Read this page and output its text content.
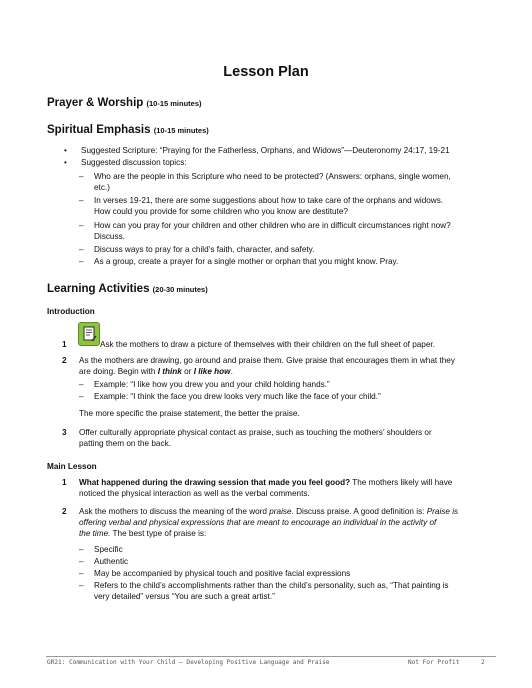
Lesson Plan
Prayer & Worship (10-15 minutes)
Spiritual Emphasis (10-15 minutes)
• Suggested Scripture: “Praying for the Fatherless, Orphans, and Widows”—Deuteronomy 24:17, 19-21
• Suggested discussion topics:
– Who are the people in this Scripture who need to be protected? (Answers: orphans, single women,
etc.)
– In verses 19-21, there are some suggestions about how to take care of the orphans and widows.
How could you provide for some children who you know are destitute?
– How can you pray for your children and other children who are in difficult circumstances right now?
Discuss.
– Discuss ways to pray for a child’s faith, character, and safety.
– As a group, create a prayer for a single mother or orphan that you might know. Pray.
Learning Activities (20-30 minutes)
Introduction
1	Ask the mothers to draw a picture of themselves with their children on the full sheet of paper.
2 As the mothers are drawing, go around and praise them. Give praise that encourages them in what they
are doing. Begin with I think or I like how.
– Example: “I like how you drew you and your child holding hands.”
– Example: “I think the face you drew looks very much like the face of your child.”
The more specific the praise statement, the better the praise.
3 Offer culturally appropriate physical contact as praise, such as touching the mothers’ shoulders or
patting them on the back.
Main Lesson
1 What happened during the drawing session that made you feel good? The mothers likely will have
noticed the physical interaction as well as the verbal comments.
2 Ask the mothers to discuss the meaning of the word praise. Discuss praise. A good definition is: Praise is
offering verbal and physical expressions that are meant to encourage an individual in the activity of
the time. The best type of praise is:
– Specific
– Authentic
– May be accompanied by physical touch and positive facial expressions
– Refers to the child’s accomplishments rather than the child’s personality, such as, “That painting is
very detailed” versus “You are such a great artist.”
GR21: Communication with Your Child – Developing Positive Language and Praise	Not For Profit	2
